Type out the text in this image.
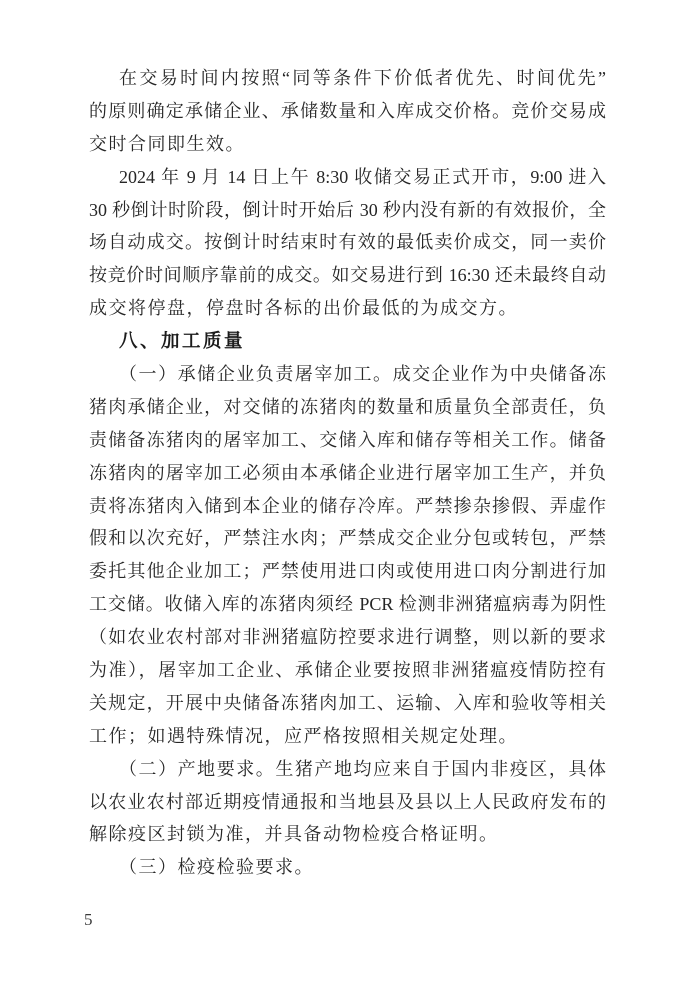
在交易时间内按照“同等条件下价低者优先、时间优先”
的原则确定承储企业、承储数量和入库成交价格。竞价交易成
交时合同即生效。
2024 年 9 月 14 日上午 8:30 收储交易正式开市，9:00 进入
30 秒倒计时阶段，倒计时开始后 30 秒内没有新的有效报价，全
场自动成交。按倒计时结束时有效的最低卖价成交，同一卖价
按竞价时间顺序靠前的成交。如交易进行到 16:30 还未最终自动
成交将停盘，停盘时各标的出价最低的为成交方。
八、加工质量
（一）承储企业负责屠宰加工。成交企业作为中央储备冻
猪肉承储企业，对交储的冻猪肉的数量和质量负全部责任，负
责储备冻猪肉的屠宰加工、交储入库和储存等相关工作。储备
冻猪肉的屠宰加工必须由本承储企业进行屠宰加工生产，并负
责将冻猪肉入储到本企业的储存冷库。严禁掺杂掺假、弄虚作
假和以次充好，严禁注水肉；严禁成交企业分包或转包，严禁
委托其他企业加工；严禁使用进口肉或使用进口肉分割进行加
工交储。收储入库的冻猪肉须经 PCR 检测非洲猪瘟病毒为阴性
（如农业农村部对非洲猪瘟防控要求进行调整，则以新的要求
为准），屠宰加工企业、承储企业要按照非洲猪瘟疫情防控有
关规定，开展中央储备冻猪肉加工、运输、入库和验收等相关
工作；如遇特殊情况，应严格按照相关规定处理。
（二）产地要求。生猪产地均应来自于国内非疫区，具体
以农业农村部近期疫情通报和当地县及县以上人民政府发布的
解除疫区封锁为准，并具备动物检疫合格证明。
（三）检疫检验要求。
5
